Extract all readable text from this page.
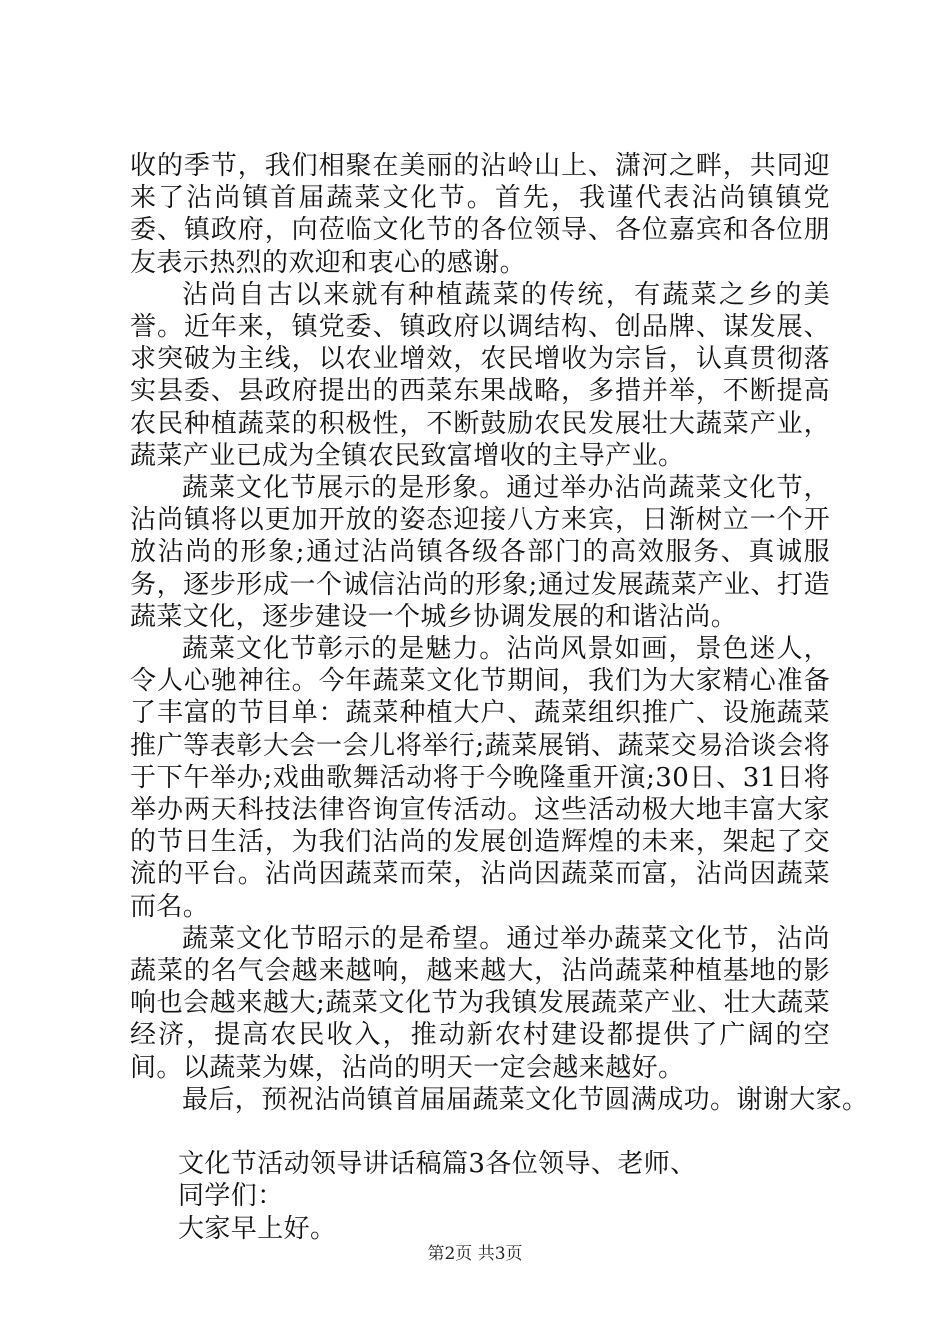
收的季节，我们相聚在美丽的沾岭山上、潇河之畔，共同迎来了沾尚镇首届蔬菜文化节。首先，我谨代表沾尚镇镇党委、镇政府，向莅临文化节的各位领导、各位嘉宾和各位朋友表示热烈的欢迎和衷心的感谢。

沾尚自古以来就有种植蔬菜的传统，有蔬菜之乡的美誉。近年来，镇党委、镇政府以调结构、创品牌、谋发展、求突破为主线，以农业增效，农民增收为宗旨，认真贯彻落实县委、县政府提出的西菜东果战略，多措并举，不断提高农民种植蔬菜的积极性，不断鼓励农民发展壮大蔬菜产业，蔬菜产业已成为全镇农民致富增收的主导产业。

蔬菜文化节展示的是形象。通过举办沾尚蔬菜文化节，沾尚镇将以更加开放的姿态迎接八方来宾，日渐树立一个开放沾尚的形象;通过沾尚镇各级各部门的高效服务、真诚服务，逐步形成一个诚信沾尚的形象;通过发展蔬菜产业、打造蔬菜文化，逐步建设一个城乡协调发展的和谐沾尚。

蔬菜文化节彰示的是魅力。沾尚风景如画，景色迷人，令人心驰神往。今年蔬菜文化节期间，我们为大家精心准备了丰富的节目单：蔬菜种植大户、蔬菜组织推广、设施蔬菜推广等表彰大会一会儿将举行;蔬菜展销、蔬菜交易洽谈会将于下午举办;戏曲歌舞活动将于今晚隆重开演;30日、31日将举办两天科技法律咨询宣传活动。这些活动极大地丰富大家的节日生活，为我们沾尚的发展创造辉煌的未来，架起了交流的平台。沾尚因蔬菜而荣，沾尚因蔬菜而富，沾尚因蔬菜而名。

蔬菜文化节昭示的是希望。通过举办蔬菜文化节，沾尚蔬菜的名气会越来越响，越来越大，沾尚蔬菜种植基地的影响也会越来越大;蔬菜文化节为我镇发展蔬菜产业、壮大蔬菜经济，提高农民收入，推动新农村建设都提供了广阔的空间。以蔬菜为媒，沾尚的明天一定会越来越好。

最后，预祝沾尚镇首届届蔬菜文化节圆满成功。谢谢大家。

文化节活动领导讲话稿篇3各位领导、老师、

同学们：

大家早上好。

第2页 共3页
